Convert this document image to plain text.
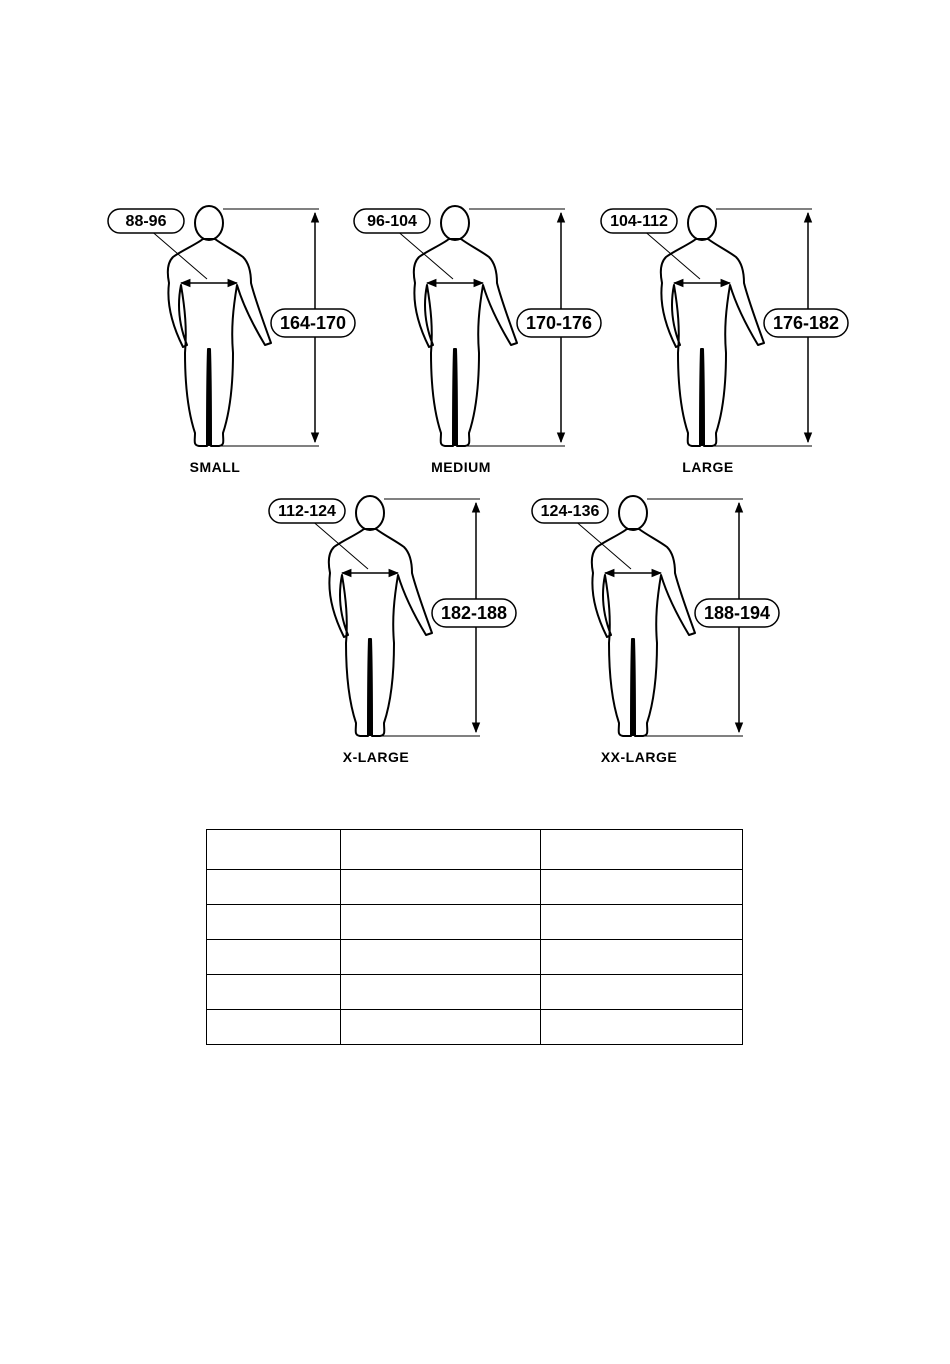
88-96
164-170
SMALL
96-104
170-176
MEDIUM
104-112
176-182
LARGE
112-124
182-188
X-LARGE
124-136
188-194
XX-LARGE
